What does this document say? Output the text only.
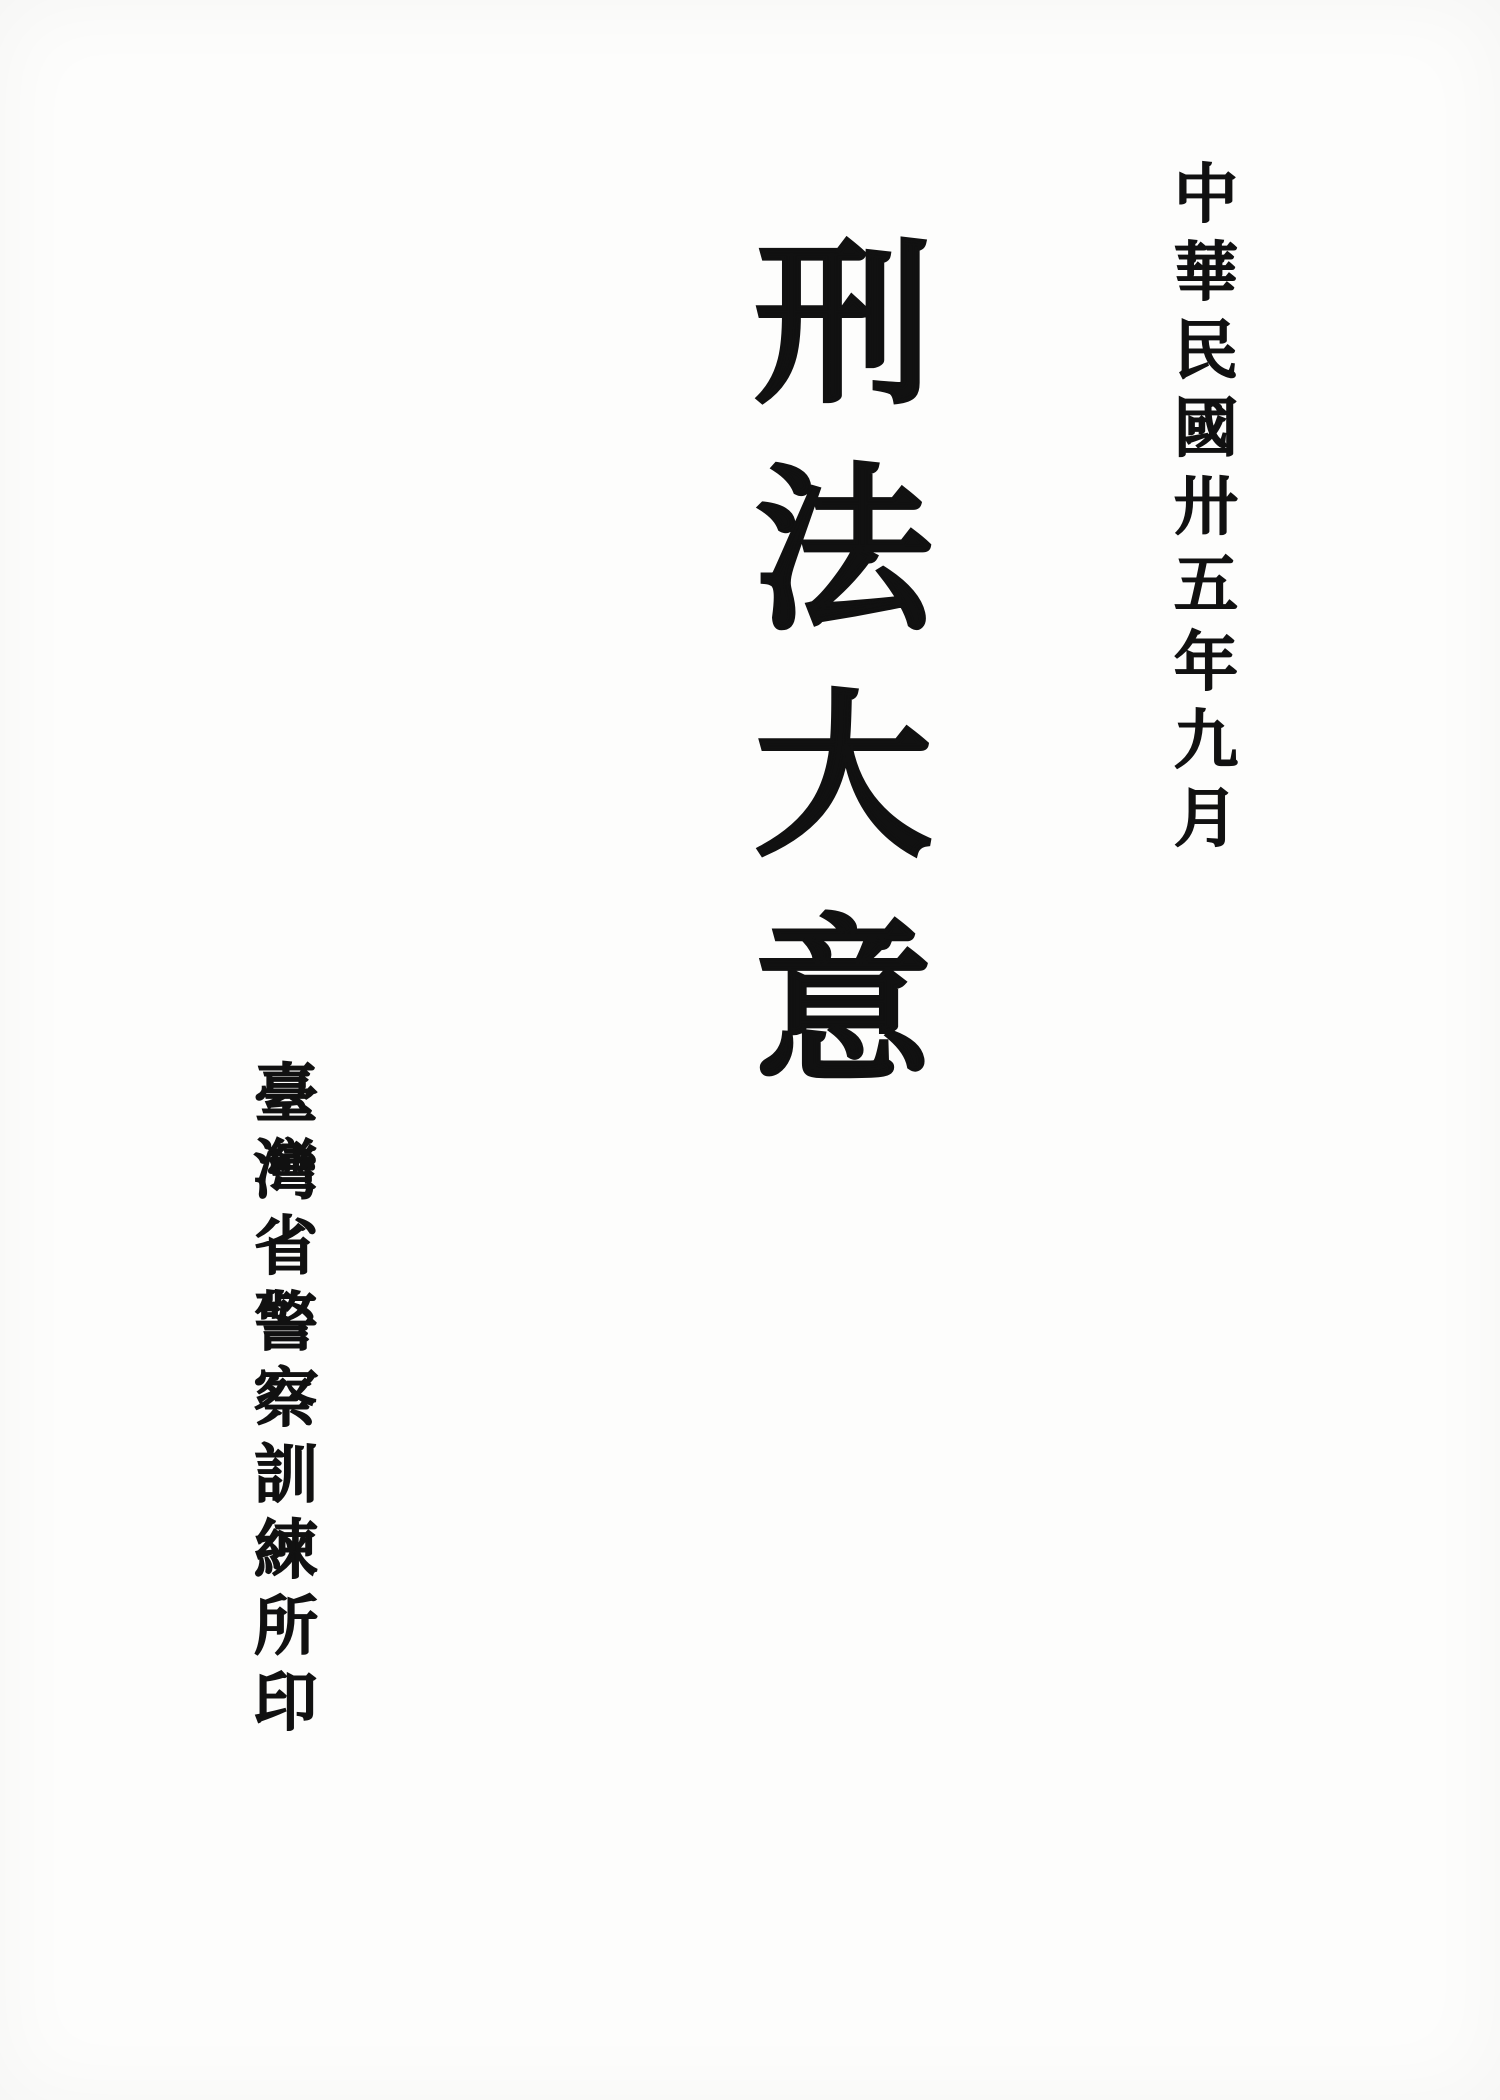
中華民國卅五年九月
刑法大意
臺灣省警察訓練所印
